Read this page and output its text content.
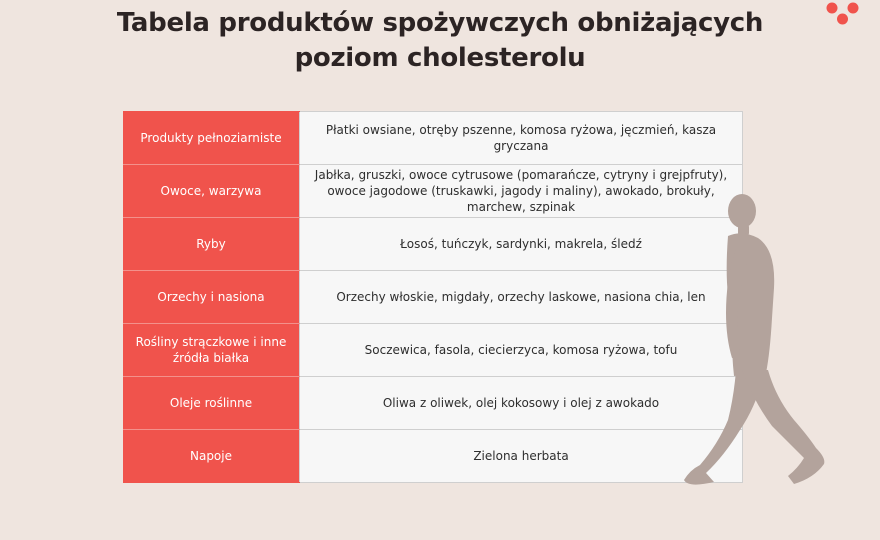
Tabela produktów spożywczych obniżających
poziom cholesterolu
Produkty pełnoziarniste	Płatki owsiane, otręby pszenne, komosa ryżowa, jęczmień, kasza gryczana
Owoce, warzywa	Jabłka, gruszki, owoce cytrusowe (pomarańcze, cytryny i grejpfruty), owoce jagodowe (truskawki, jagody i maliny), awokado, brokuły, marchew, szpinak
Ryby	Łosoś, tuńczyk, sardynki, makrela, śledź
Orzechy i nasiona	Orzechy włoskie, migdały, orzechy laskowe, nasiona chia, len
Rośliny strączkowe i inne źródła białka	Soczewica, fasola, ciecierzyca, komosa ryżowa, tofu
Oleje roślinne	Oliwa z oliwek, olej kokosowy i olej z awokado
Napoje	Zielona herbata
